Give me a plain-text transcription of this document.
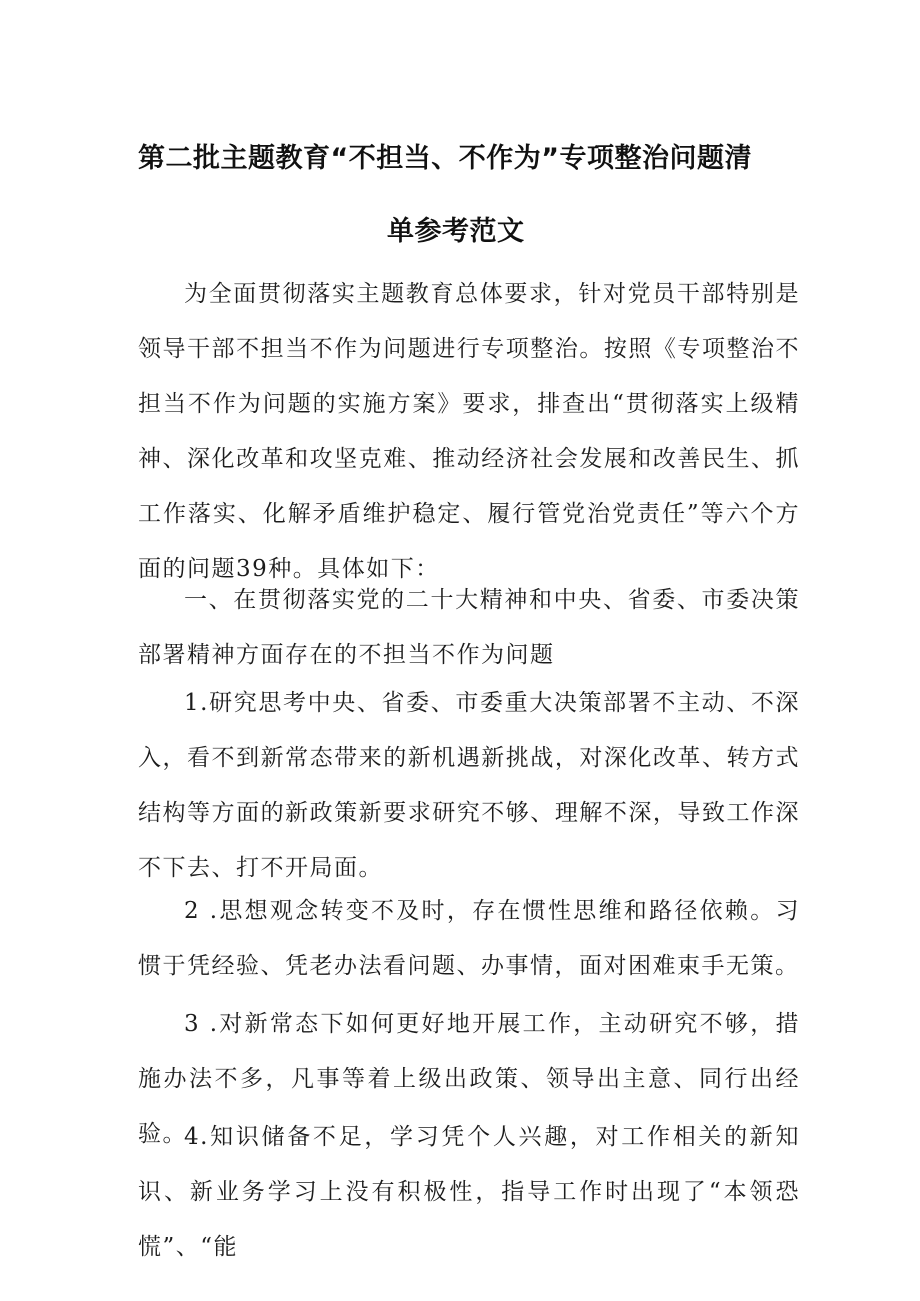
第二批主题教育“不担当、不作为”专项整治问题清
单参考范文

为全面贯彻落实主题教育总体要求，针对党员干部特别是领导干部不担当不作为问题进行专项整治。按照《专项整治不担当不作为问题的实施方案》要求，排查出“贯彻落实上级精神、深化改革和攻坚克难、推动经济社会发展和改善民生、抓工作落实、化解矛盾维护稳定、履行管党治党责任”等六个方面的问题39种。具体如下：

一、在贯彻落实党的二十大精神和中央、省委、市委决策部署精神方面存在的不担当不作为问题

1.研究思考中央、省委、市委重大决策部署不主动、不深入，看不到新常态带来的新机遇新挑战，对深化改革、转方式结构等方面的新政策新要求研究不够、理解不深，导致工作深不下去、打不开局面。

2 .思想观念转变不及时，存在惯性思维和路径依赖。习惯于凭经验、凭老办法看问题、办事情，面对困难束手无策。

3 .对新常态下如何更好地开展工作，主动研究不够，措施办法不多，凡事等着上级出政策、领导出主意、同行出经验。

4.知识储备不足，学习凭个人兴趣，对工作相关的新知识、新业务学习上没有积极性，指导工作时出现了“本领恐慌”、“能
